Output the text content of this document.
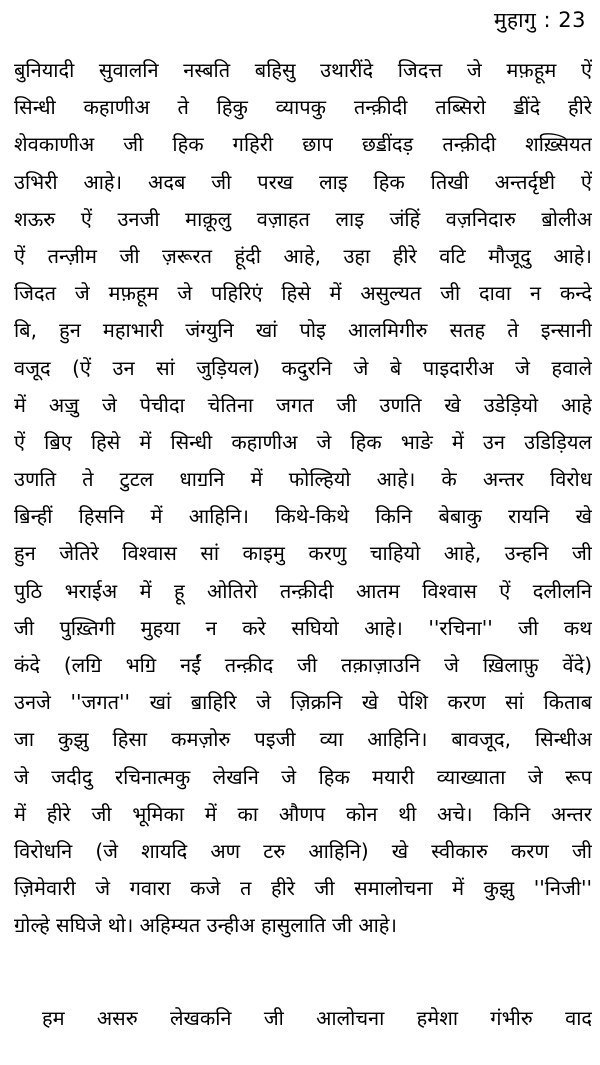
मुहागु : 23
बुनियादी सुवालनि नस्बति बहिसु उथारींदे जिदत्त जे मफ़हूम ऐं
सिन्धी कहाणीअ ते हिकु व्यापकु तन्क़ीदी तब्सिरो ॾींदे हीरे
शेवकाणीअ जी हिक गहिरी छाप छॾींदड़ तन्क़ीदी शख़्सियत
उभिरी आहे। अदब जी परख लाइ हिक तिखी अन्तर्दृष्टी ऐं
शऊरु ऐं उनजी माक़ूलु वज़ाहत लाइ जंहिं वज़निदारु ॿोलीअ
ऐं तन्ज़ीम जी ज़रूरत हूंदी आहे, उहा हीरे वटि मौजूदु आहे।
जिदत जे मफ़हूम जे पहिरिएं हिसे में असुल्यत जी दावा न कन्दे
बि, हुन महाभारी जंग्युनि खां पोइ आलमिगीरु सतह ते इन्सानी
वजूद (ऐं उन सां जुड़ियल) कदुरनि जे बे पाइदारीअ जे हवाले
में अॼु जे पेचीदा चेतिना जगत जी उणति खे उडेड़ियो आहे
ऐं ॿिए हिसे में सिन्धी कहाणीअ जे हिक भाङे में उन उडिड़ियल
उणति ते टुटल धाॻनि में फोल्हियो आहे। के अन्तर विरोध
ॿिन्हीं हिसनि में आहिनि। किथे-किथे किनि बेबाकु रायनि खे
हुन जेतिरे विश्वास सां काइमु करणु चाहियो आहे, उन्हनि जी
पुठि भराईअ में हू ओतिरो तन्क़ीदी आतम विश्वास ऐं दलीलनि
जी पुख़्तिगी मुहया न करे सघियो आहे। ''रचिना'' जी कथ
कंदे (लॻि भॻि नईं तन्क़ीद जी तक़ाज़ाउनि जे ख़िलाफ़ु वेंदे)
उनजे ''जगत'' खां ॿाहिरि जे ज़िक्रनि खे पेशि करण सां किताब
जा कुझु हिसा कमज़ोरु पइजी व्या आहिनि। बावजूद, सिन्धीअ
जे जदीदु रचिनात्मकु लेखनि जे हिक मयारी व्याख्याता जे रूप
में हीरे जी भूमिका में का औणप कोन थी अचे। किनि अन्तर
विरोधनि (जे शायदि अण टरु आहिनि) खे स्वीकारु करण जी
ज़िमेवारी जे गवारा कजे त हीरे जी समालोचना में कुझु ''निजी''
ॻोल्हे सघिजे थो। अहिम्यत उन्हीअ हासुलाति जी आहे।
हम असरु लेखकनि जी आलोचना हमेशा गंभीरु वाद
